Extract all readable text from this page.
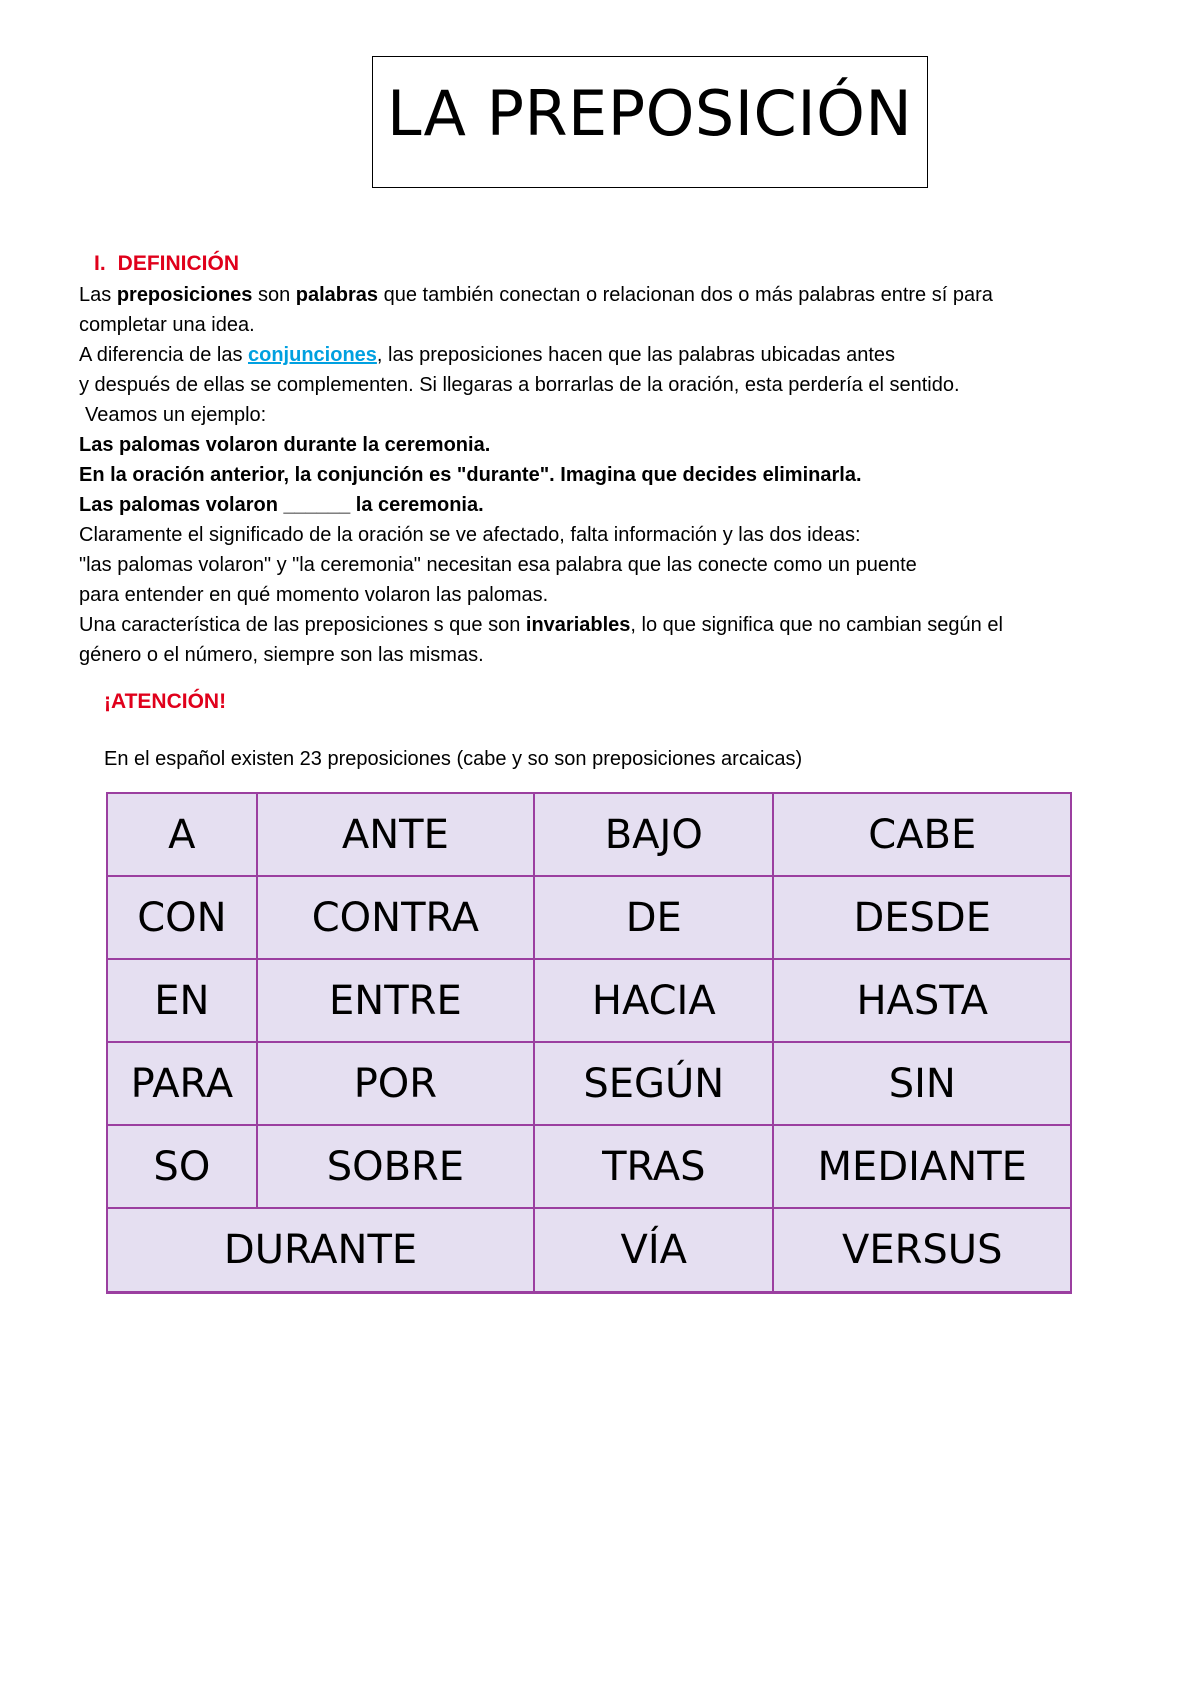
LA PREPOSICIÓN
I. DEFINICIÓN

Las preposiciones son palabras que también conectan o relacionan dos o más palabras entre sí para

completar una idea.

A diferencia de las conjunciones, las preposiciones hacen que las palabras ubicadas antes

y después de ellas se complementen. Si llegaras a borrarlas de la oración, esta perdería el sentido.

Veamos un ejemplo:

Las palomas volaron durante la ceremonia.

En la oración anterior, la conjunción es "durante". Imagina que decides eliminarla.

Las palomas volaron ______ la ceremonia.

Claramente el significado de la oración se ve afectado, falta información y las dos ideas:

"las palomas volaron" y "la ceremonia" necesitan esa palabra que las conecte como un puente

para entender en qué momento volaron las palomas.

Una característica de las preposiciones s que son invariables, lo que significa que no cambian según el

género o el número, siempre son las mismas.

¡ATENCIÓN!
En el español existen 23 preposiciones (cabe y so son preposiciones arcaicas)
A	ANTE	BAJO	CABE
CON	CONTRA	DE	DESDE
EN	ENTRE	HACIA	HASTA
PARA	POR	SEGÚN	SIN
SO	SOBRE	TRAS	MEDIANTE
DURANTE		VÍA	VERSUS
